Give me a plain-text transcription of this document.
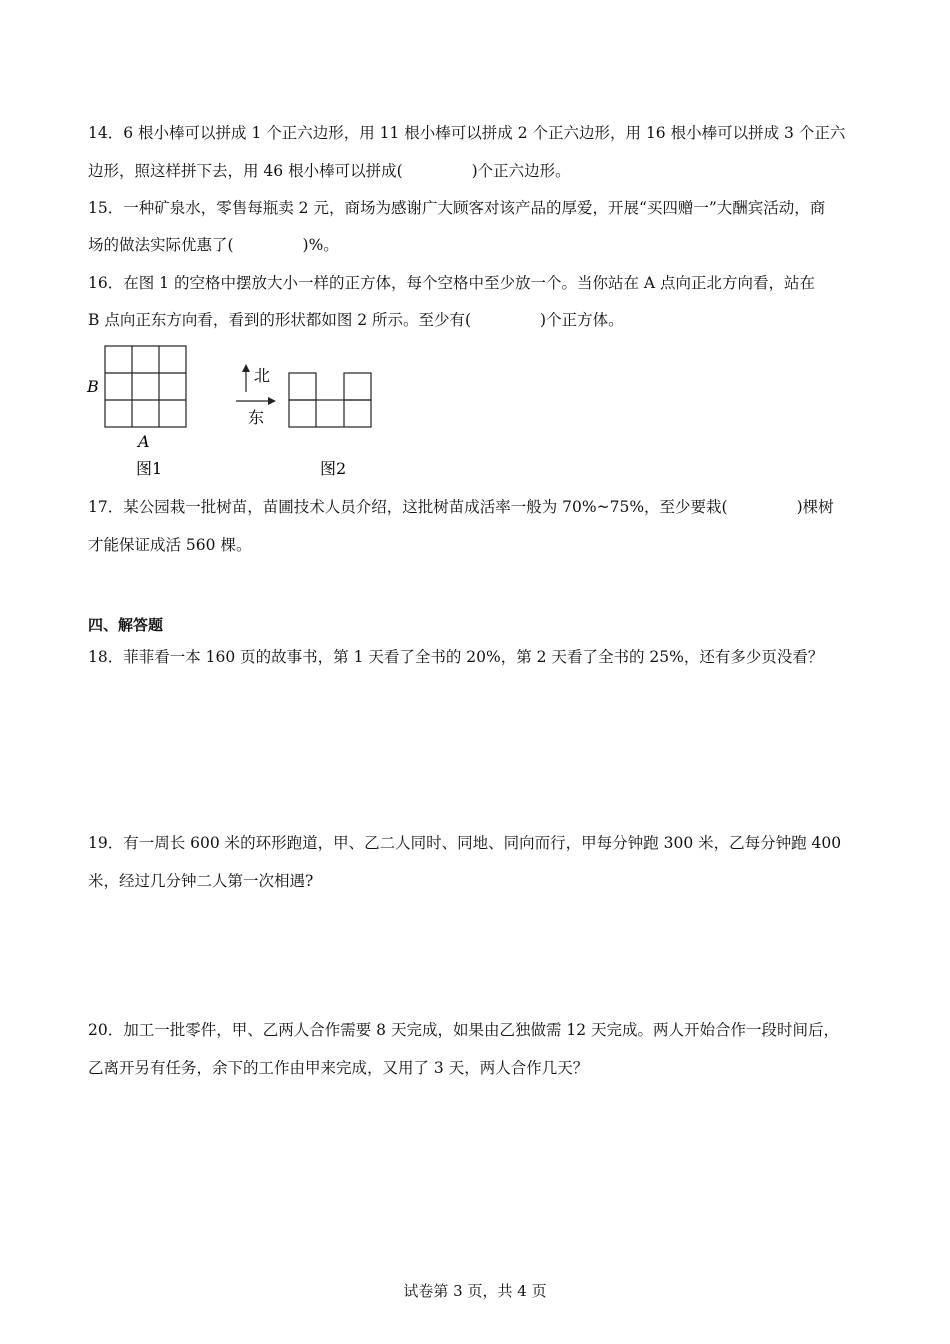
14．6 根小棒可以拼成 1 个正六边形，用 11 根小棒可以拼成 2 个正六边形，用 16 根小棒可以拼成 3 个正六
边形，照这样拼下去，用 46 根小棒可以拼成(              )个正六边形。
15．一种矿泉水，零售每瓶卖 2 元，商场为感谢广大顾客对该产品的厚爱，开展“买四赠一”大酬宾活动，商
场的做法实际优惠了(              )%。
16．在图 1 的空格中摆放大小一样的正方体，每个空格中至少放一个。当你站在 A 点向正北方向看，站在
B 点向正东方向看，看到的形状都如图 2 所示。至少有(              )个正方体。
B
A
图1
北
东
图2
17．某公园栽一批树苗，苗圃技术人员介绍，这批树苗成活率一般为 70%~75%，至少要栽(              )棵树
才能保证成活 560 棵。
四、解答题
18．菲菲看一本 160 页的故事书，第 1 天看了全书的 20%，第 2 天看了全书的 25%，还有多少页没看？
19．有一周长 600 米的环形跑道，甲、乙二人同时、同地、同向而行，甲每分钟跑 300 米，乙每分钟跑 400
米，经过几分钟二人第一次相遇?
20．加工一批零件，甲、乙两人合作需要 8 天完成，如果由乙独做需 12 天完成。两人开始合作一段时间后，
乙离开另有任务，余下的工作由甲来完成，又用了 3 天，两人合作几天？
试卷第 3 页，共 4 页
